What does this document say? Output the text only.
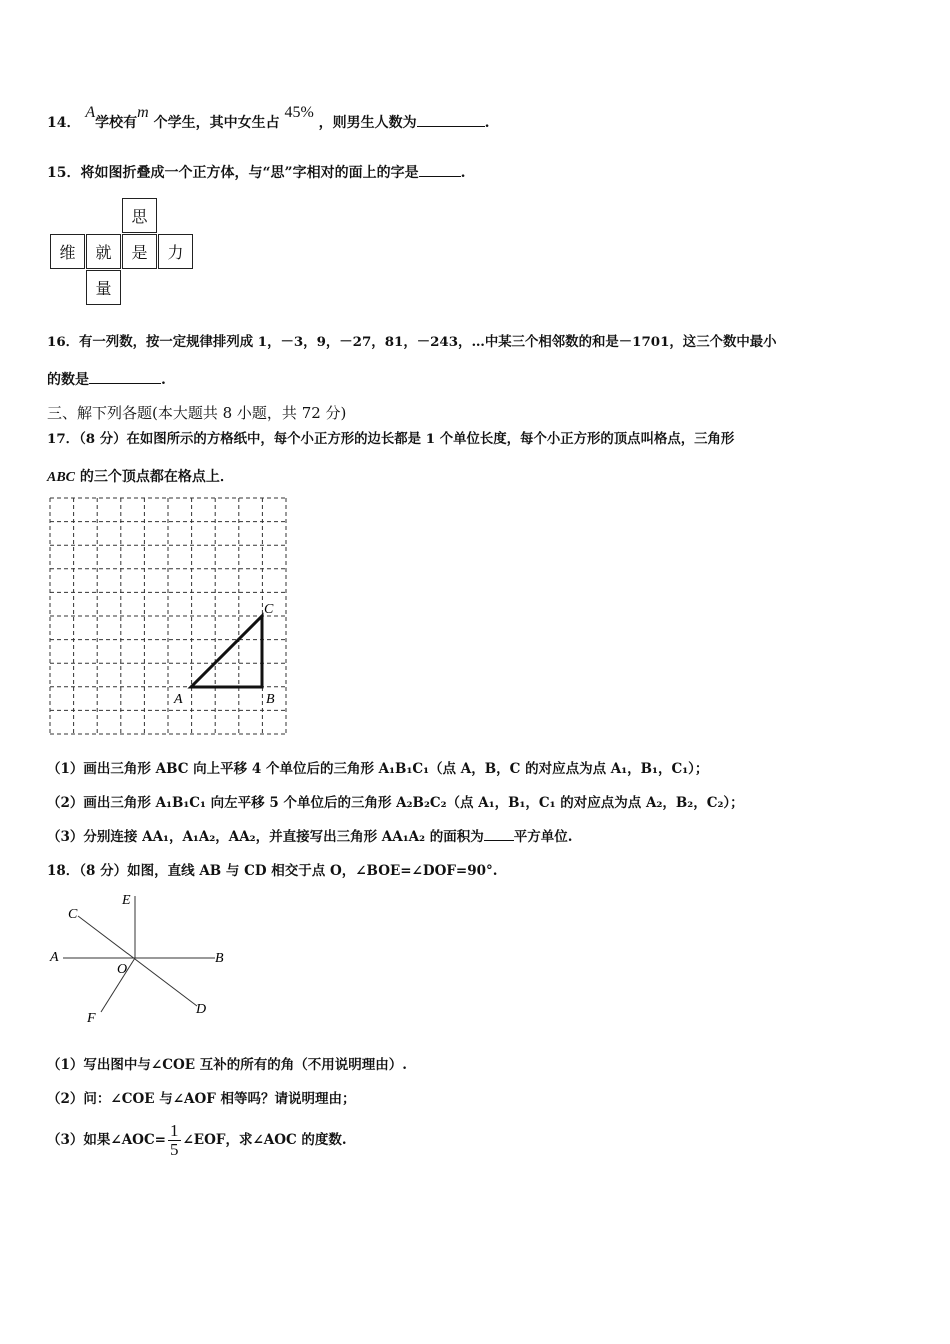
14． A学校有m 个学生，其中女生占 45% ，则男生人数为	.
15．将如图折叠成一个正方体，与“思”字相对的面上的字是	.
思
维	就	是	力
量
16．有一列数，按一定规律排列成 1，－3，9，－27，81，－243，…中某三个相邻数的和是－1701，这三个数中最小
的数是	.
三、解下列各题(本大题共 8 小题，共 72 分)
17．（8 分）在如图所示的方格纸中，每个小正方形的边长都是 1 个单位长度，每个小正方形的顶点叫格点，三角形
ABC 的三个顶点都在格点上．
A	B
C
（1）画出三角形 ABC 向上平移 4 个单位后的三角形 A₁B₁C₁（点 A，B，C 的对应点为点 A₁，B₁，C₁）；
（2）画出三角形 A₁B₁C₁ 向左平移 5 个单位后的三角形 A₂B₂C₂（点 A₁，B₁，C₁ 的对应点为点 A₂，B₂，C₂）；
（3）分别连接 AA₁，A₁A₂，AA₂，并直接写出三角形 AA₁A₂ 的面积为 平方单位.
18．（8 分）如图，直线 AB 与 CD 相交于点 O，∠BOE=∠DOF=90°.
E
C
A
O
B
F
D
（1）写出图中与∠COE 互补的所有的角（不用说明理由）.
（2）问：∠COE 与∠AOF 相等吗？请说明理由；
（3）如果∠AOC= $\frac{1}{5}$ ∠EOF，求∠AOC 的度数.
